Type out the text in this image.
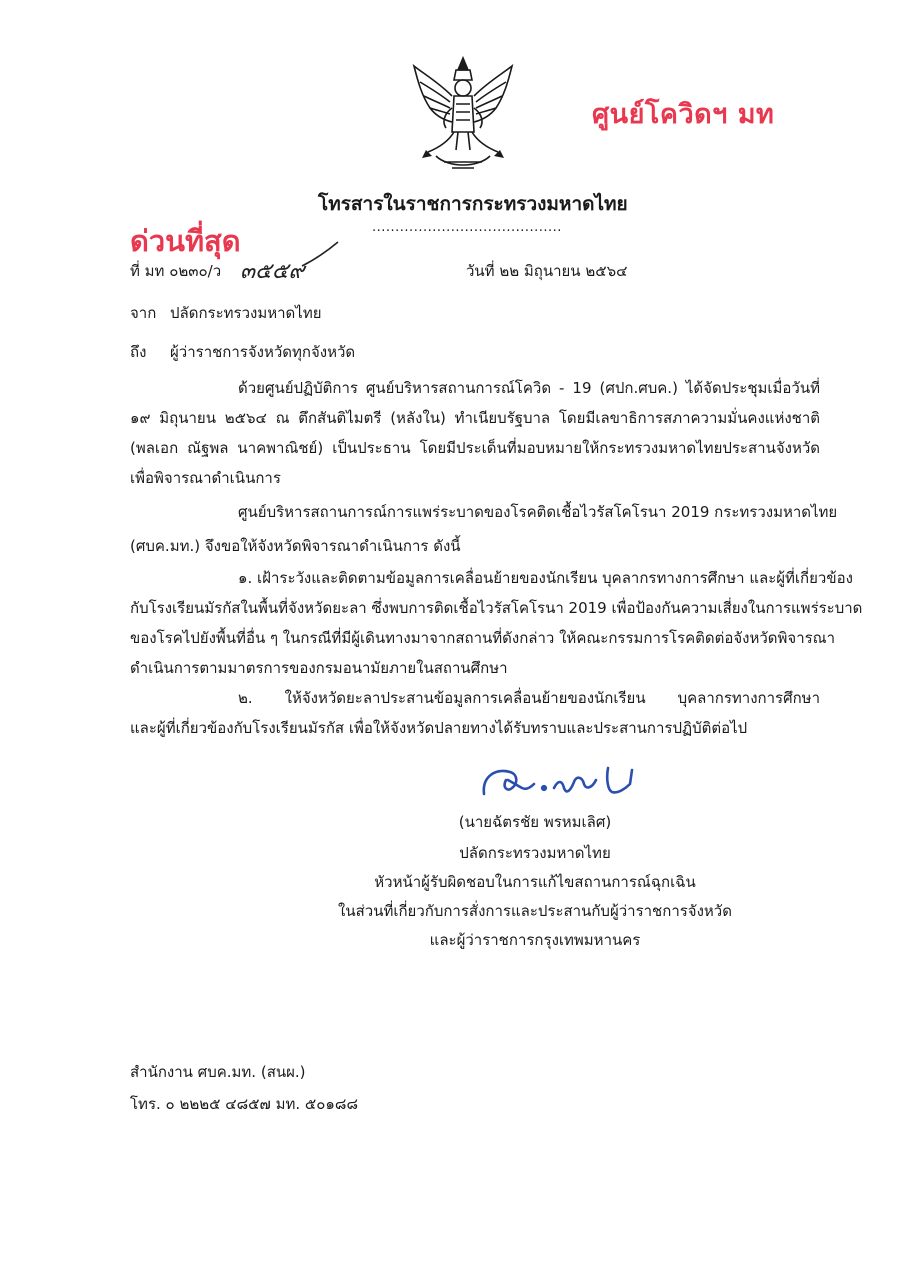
ศูนย์โควิดฯ มท
โทรสารในราชการกระทรวงมหาดไทย
.........................................
ด่วนที่สุด
ที่ มท ๐๒๓๐/ว ๓๕๕๙	วันที่ ๒๒ มิถุนายน ๒๕๖๔
จาก ปลัดกระทรวงมหาดไทย
ถึง ผู้ว่าราชการจังหวัดทุกจังหวัด
ด้วยศูนย์ปฏิบัติการ ศูนย์บริหารสถานการณ์โควิด - 19 (ศปก.ศบค.) ได้จัดประชุมเมื่อวันที่
๑๙ มิถุนายน ๒๕๖๔ ณ ตึกสันติไมตรี (หลังใน) ทำเนียบรัฐบาล โดยมีเลขาธิการสภาความมั่นคงแห่งชาติ
(พลเอก ณัฐพล นาคพาณิชย์) เป็นประธาน โดยมีประเด็นที่มอบหมายให้กระทรวงมหาดไทยประสานจังหวัด
เพื่อพิจารณาดำเนินการ
ศูนย์บริหารสถานการณ์การแพร่ระบาดของโรคติดเชื้อไวรัสโคโรนา 2019 กระทรวงมหาดไทย
(ศบค.มท.) จึงขอให้จังหวัดพิจารณาดำเนินการ ดังนี้
๑. เฝ้าระวังและติดตามข้อมูลการเคลื่อนย้ายของนักเรียน บุคลากรทางการศึกษา และผู้ที่เกี่ยวข้อง
กับโรงเรียนมัรกัสในพื้นที่จังหวัดยะลา ซึ่งพบการติดเชื้อไวรัสโคโรนา 2019 เพื่อป้องกันความเสี่ยงในการแพร่ระบาด
ของโรคไปยังพื้นที่อื่น ๆ ในกรณีที่มีผู้เดินทางมาจากสถานที่ดังกล่าว ให้คณะกรรมการโรคติดต่อจังหวัดพิจารณา
ดำเนินการตามมาตรการของกรมอนามัยภายในสถานศึกษา
๒. ให้จังหวัดยะลาประสานข้อมูลการเคลื่อนย้ายของนักเรียน บุคลากรทางการศึกษา
และผู้ที่เกี่ยวข้องกับโรงเรียนมัรกัส เพื่อให้จังหวัดปลายทางได้รับทราบและประสานการปฏิบัติต่อไป
(นายฉัตรชัย พรหมเลิศ)
ปลัดกระทรวงมหาดไทย
หัวหน้าผู้รับผิดชอบในการแก้ไขสถานการณ์ฉุกเฉิน
ในส่วนที่เกี่ยวกับการสั่งการและประสานกับผู้ว่าราชการจังหวัด
และผู้ว่าราชการกรุงเทพมหานคร
สำนักงาน ศบค.มท. (สนผ.)
โทร. ๐ ๒๒๒๕ ๔๘๕๗ มท. ๕๐๑๘๘
